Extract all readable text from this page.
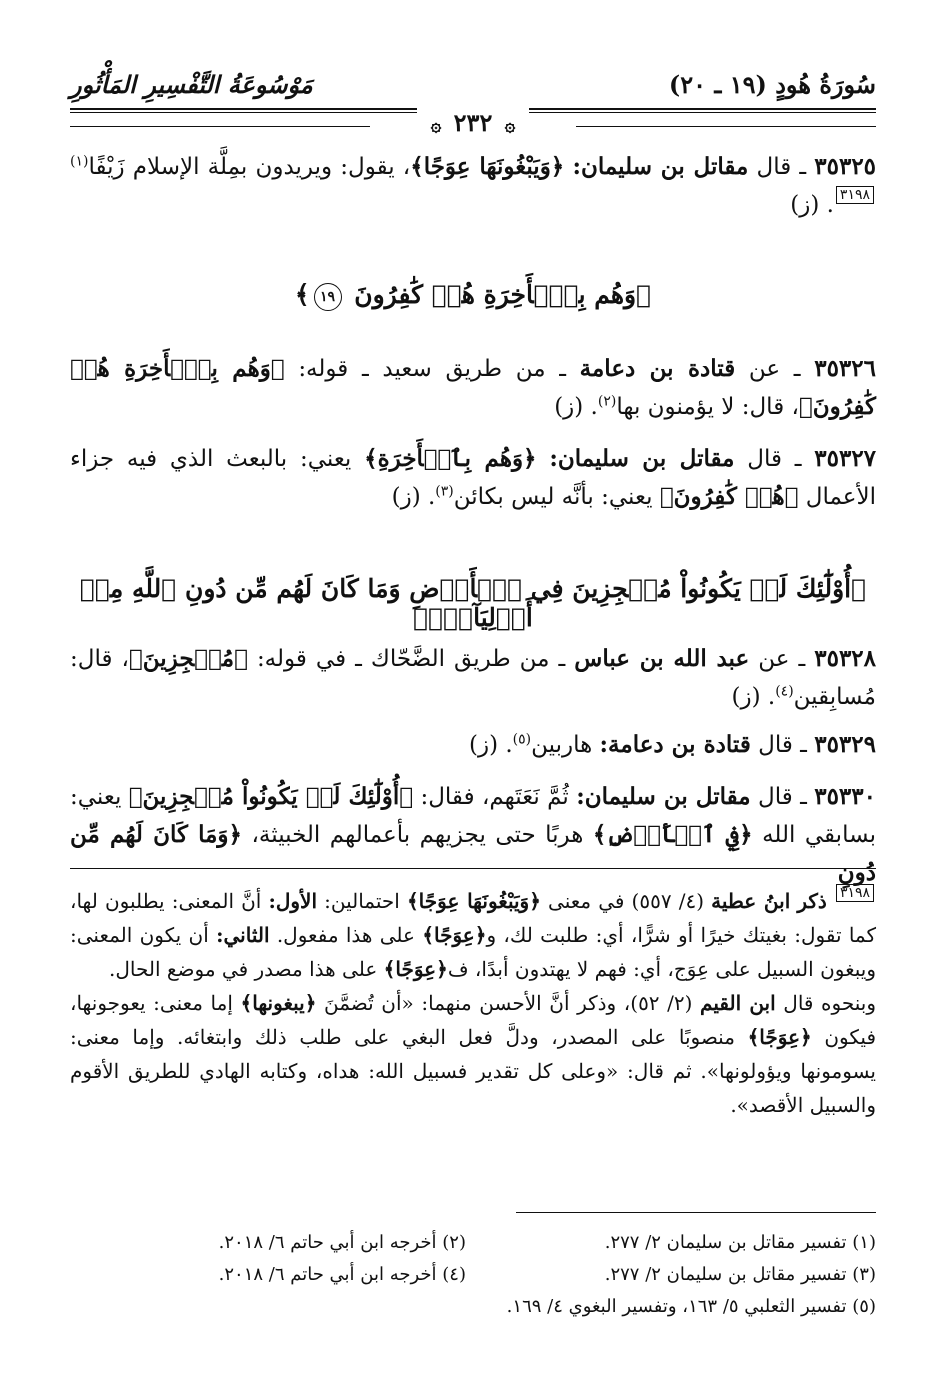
سُورَةُ هُودٍ (١٩ ـ ٢٠)
مَوْسُوعَةُ التَّفْسِيرِ المَأْثُورِ
۞ ٢٣٢ ۞
٣٥٣٢٥ ـ قال مقاتل بن سليمان: ﴿وَيَبْغُونَهَا عِوَجًا﴾، يقول: ويريدون بمِلَّة الإسلام زَيْفًا$^{(١)}$٣١٩٨. (ز)
﴿وَهُم بِٱلۡأَخِرَةِ هُمۡ كَٰفِرُونَ ١٩﴾
٣٥٣٢٦ ـ عن قتادة بن دعامة ـ من طريق سعيد ـ قوله: ﴿وَهُم بِٱلۡأَخِرَةِ هُمۡ كَٰفِرُونَ﴾، قال: لا يؤمنون بها$^{(٢)}$. (ز)
٣٥٣٢٧ ـ قال مقاتل بن سليمان: ﴿وَهُم بِٱلۡأَخِرَةِ﴾ يعني: بالبعث الذي فيه جزاء الأعمال ﴿هُمۡ كَٰفِرُونَ﴾ يعني: بأنَّه ليس بكائن$^{(٣)}$. (ز)
﴿أُوْلَٰٓئِكَ لَمۡ يَكُونُواْ مُعۡجِزِينَ فِي ٱلۡأَرۡضِ وَمَا كَانَ لَهُم مِّن دُونِ ٱللَّهِ مِنۡ أَوۡلِيَآءَۘ﴾
٣٥٣٢٨ ـ عن عبد الله بن عباس ـ من طريق الضَّحّاك ـ في قوله: ﴿مُعۡجِزِينَ﴾، قال: مُسابِقين$^{(٤)}$. (ز)
٣٥٣٢٩ ـ قال قتادة بن دعامة: هاربين$^{(٥)}$. (ز)
٣٥٣٣٠ ـ قال مقاتل بن سليمان: ثُمَّ نَعَتَهم، فقال: ﴿أُوْلَٰٓئِكَ لَمۡ يَكُونُواْ مُعۡجِزِينَ﴾ يعني: بسابقي الله ﴿فِي ٱلۡأَرۡضِ﴾ هربًا حتى يجزيهم بأعمالهم الخبيثة، ﴿وَمَا كَانَ لَهُم مِّن دُونِ
٣١٩٨ ذكر ابنُ عطية (٤/ ٥٥٧) في معنى ﴿وَيَبْغُونَهَا عِوَجًا﴾ احتمالين: الأول: أنَّ المعنى: يطلبون لها، كما تقول: بغيتك خيرًا أو شرًّا، أي: طلبت لك، و﴿عِوَجًا﴾ على هذا مفعول. الثاني: أن يكون المعنى: ويبغون السبيل على عِوَج، أي: فهم لا يهتدون أبدًا، ف﴿عِوَجًا﴾ على هذا مصدر في موضع الحال.
وبنحوه قال ابن القيم (٢/ ٥٢)، وذكر أنَّ الأحسن منهما: «أن تُضمَّنَ ﴿يبغونها﴾ إما معنى: يعوجونها، فيكون ﴿عِوَجًا﴾ منصوبًا على المصدر، ودلَّ فعل البغي على طلب ذلك وابتغائه. وإما معنى: يسومونها ويؤولونها». ثم قال: «وعلى كل تقدير فسبيل الله: هداه، وكتابه الهادي للطريق الأقوم والسبيل الأقصد».
(١) تفسير مقاتل بن سليمان ٢/ ٢٧٧.
(٢) أخرجه ابن أبي حاتم ٦/ ٢٠١٨.
(٣) تفسير مقاتل بن سليمان ٢/ ٢٧٧.
(٤) أخرجه ابن أبي حاتم ٦/ ٢٠١٨.
(٥) تفسير الثعلبي ٥/ ١٦٣، وتفسير البغوي ٤/ ١٦٩.
